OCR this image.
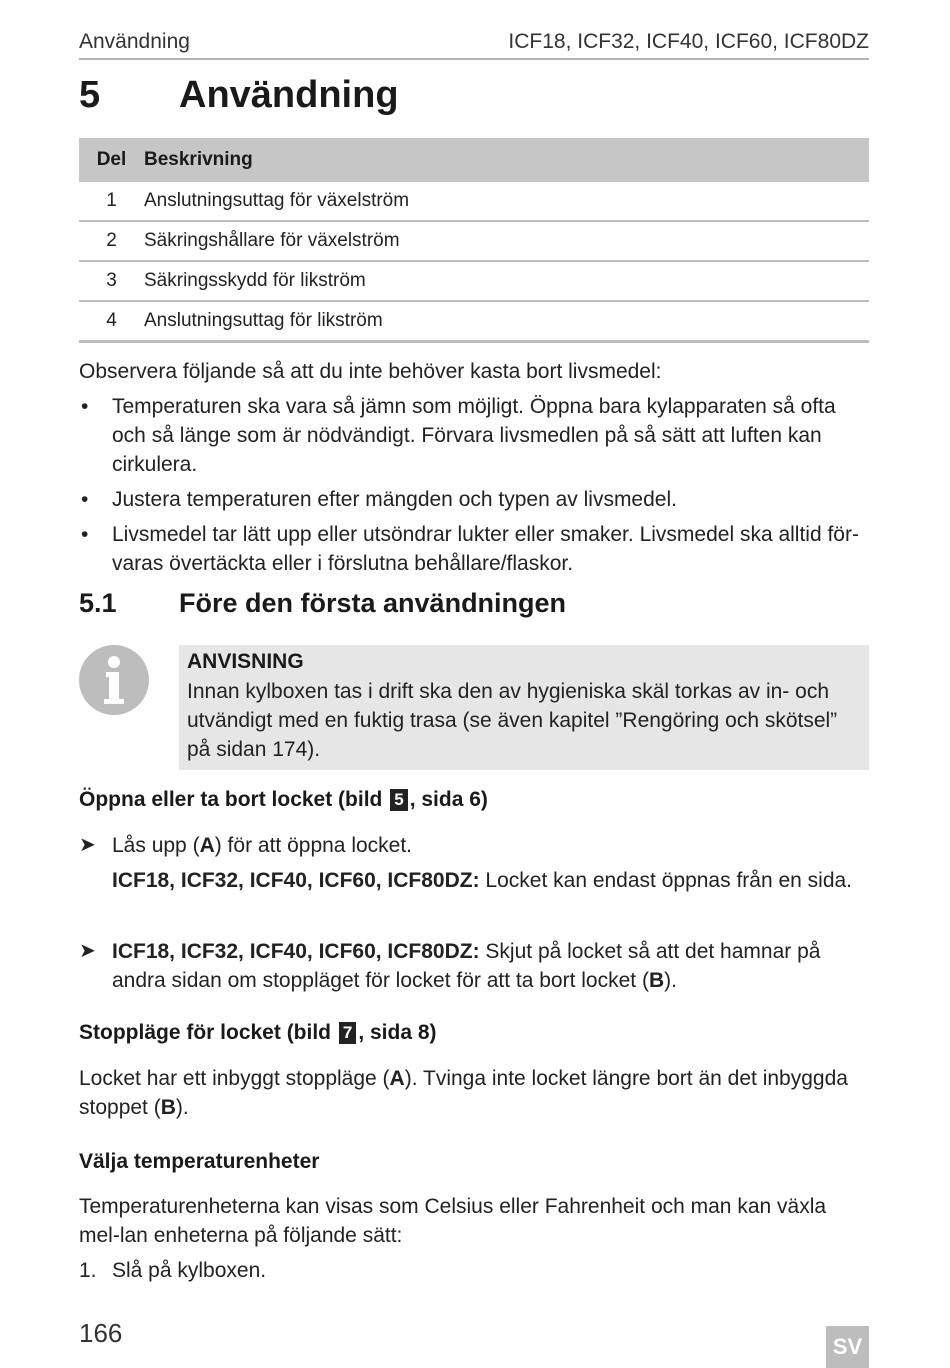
Användning	ICF18, ICF32, ICF40, ICF60, ICF80DZ
5 Användning
Del	Beskrivning
1	Anslutningsuttag för växelström
2	Säkringshållare för växelström
3	Säkringsskydd för likström
4	Anslutningsuttag för likström

Observera följande så att du inte behöver kasta bort livsmedel:

• Temperaturen ska vara så jämn som möjligt. Öppna bara kylapparaten så ofta och så länge som är nödvändigt. Förvara livsmedlen på så sätt att luften kan cirkulera.
• Justera temperaturen efter mängden och typen av livsmedel.
• Livsmedel tar lätt upp eller utsöndrar lukter eller smaker. Livsmedel ska alltid för-varas övertäckta eller i förslutna behållare/flaskor.
5.1 Före den första användningen
ANVISNING
Innan kylboxen tas i drift ska den av hygieniska skäl torkas av in- och utvändigt med en fuktig trasa (se även kapitel ”Rengöring och skötsel” på sidan 174).
Öppna eller ta bort locket (bild 5 , sida 6)
➤ Lås upp (A) för att öppna locket.
ICF18, ICF32, ICF40, ICF60, ICF80DZ: Locket kan endast öppnas från en sida.
➤ ICF18, ICF32, ICF40, ICF60, ICF80DZ: Skjut på locket så att det hamnar på andra sidan om stoppläget för locket för att ta bort locket (B).
Stoppläge för locket (bild 7 , sida 8)

Locket har ett inbyggt stoppläge (A). Tvinga inte locket längre bort än det inbyggda stoppet (B).

Välja temperaturenheter

Temperaturenheterna kan visas som Celsius eller Fahrenheit och man kan växla mel-lan enheterna på följande sätt:

1. Slå på kylboxen.
166	SV
